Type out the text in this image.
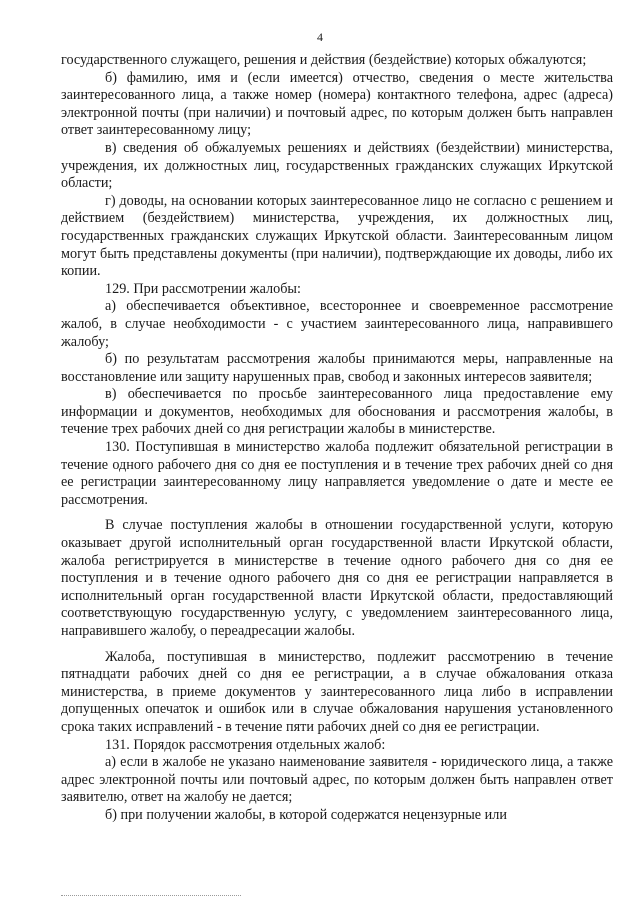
4

государственного служащего, решения и действия (бездействие) которых обжалуются;

б) фамилию, имя и (если имеется) отчество, сведения о месте жительства заинтересованного лица, а также номер (номера) контактного телефона, адрес (адреса) электронной почты (при наличии) и почтовый адрес, по которым должен быть направлен ответ заинтересованному лицу;

в) сведения об обжалуемых решениях и действиях (бездействии) министерства, учреждения, их должностных лиц, государственных гражданских служащих Иркутской области;

г) доводы, на основании которых заинтересованное лицо не согласно с решением и действием (бездействием) министерства, учреждения, их должностных лиц, государственных гражданских служащих Иркутской области. Заинтересованным лицом могут быть представлены документы (при наличии), подтверждающие их доводы, либо их копии.

129. При рассмотрении жалобы:

а) обеспечивается объективное, всестороннее и своевременное рассмотрение жалоб, в случае необходимости - с участием заинтересованного лица, направившего жалобу;

б) по результатам рассмотрения жалобы принимаются меры, направленные на восстановление или защиту нарушенных прав, свобод и законных интересов заявителя;

в) обеспечивается по просьбе заинтересованного лица предоставление ему информации и документов, необходимых для обоснования и рассмотрения жалобы, в течение трех рабочих дней со дня регистрации жалобы в министерстве.

130. Поступившая в министерство жалоба подлежит обязательной регистрации в течение одного рабочего дня со дня ее поступления и в течение трех рабочих дней со дня ее регистрации заинтересованному лицу направляется уведомление о дате и месте ее рассмотрения.

В случае поступления жалобы в отношении государственной услуги, которую оказывает другой исполнительный орган государственной власти Иркутской области, жалоба регистрируется в министерстве в течение одного рабочего дня со дня ее поступления и в течение одного рабочего дня со дня ее регистрации направляется в исполнительный орган государственной власти Иркутской области, предоставляющий соответствующую государственную услугу, с уведомлением заинтересованного лица, направившего жалобу, о переадресации жалобы.

Жалоба, поступившая в министерство, подлежит рассмотрению в течение пятнадцати рабочих дней со дня ее регистрации, а в случае обжалования отказа министерства, в приеме документов у заинтересованного лица либо в исправлении допущенных опечаток и ошибок или в случае обжалования нарушения установленного срока таких исправлений - в течение пяти рабочих дней со дня ее регистрации.

131. Порядок рассмотрения отдельных жалоб:

а) если в жалобе не указано наименование заявителя - юридического лица, а также адрес электронной почты или почтовый адрес, по которым должен быть направлен ответ заявителю, ответ на жалобу не дается;

б) при получении жалобы, в которой содержатся нецензурные или
